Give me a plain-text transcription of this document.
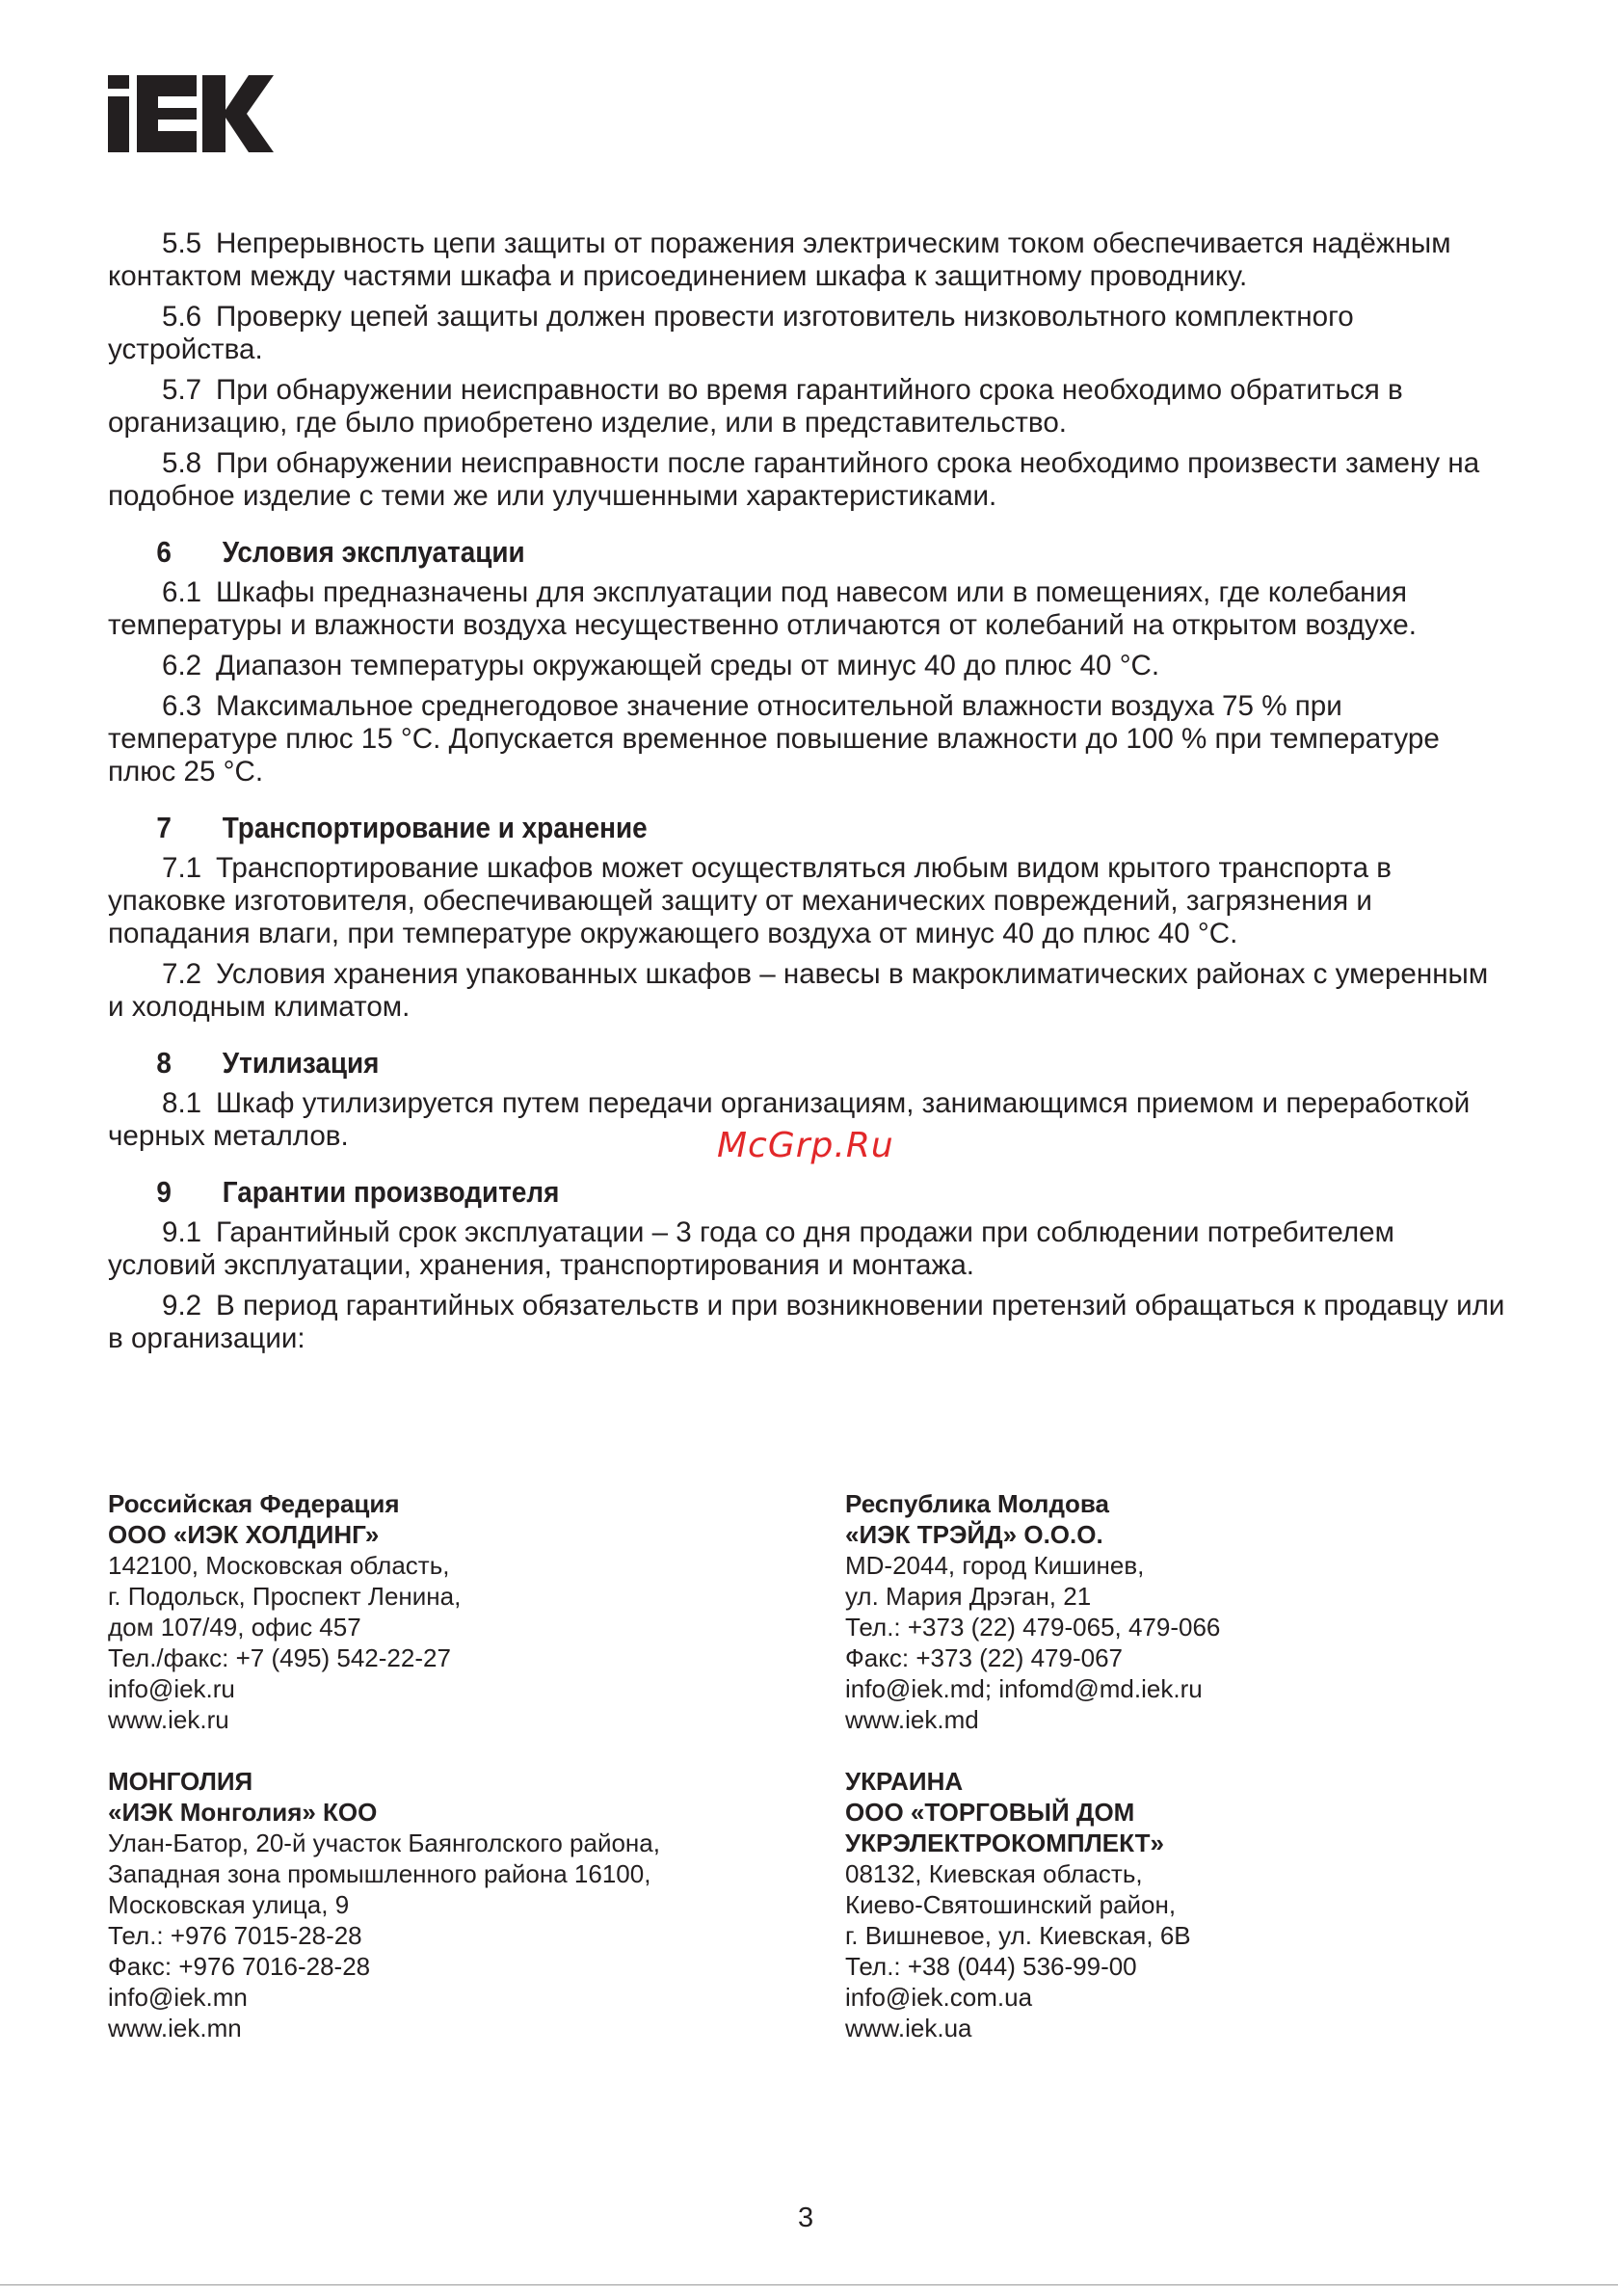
5.5 Непрерывность цепи защиты от поражения электрическим током обеспечивается надёжным контактом между частями шкафа и присоединением шкафа к защитному проводнику.
5.6 Проверку цепей защиты должен провести изготовитель низковольтного комплектного устройства.
5.7 При обнаружении неисправности во время гарантийного срока необходимо обратиться в организацию, где было приобретено изделие, или в представительство.
5.8 При обнаружении неисправности после гарантийного срока необходимо произвести замену на подобное изделие с теми же или улучшенными характеристиками.
6 Условия эксплуатации
6.1 Шкафы предназначены для эксплуатации под навесом или в помещениях, где колебания температуры и влажности воздуха несущественно отличаются от колебаний на открытом воздухе.
6.2 Диапазон температуры окружающей среды от минус 40 до плюс 40 °С.
6.3 Максимальное среднегодовое значение относительной влажности воздуха 75 % при температуре плюс 15 °С. Допускается временное повышение влажности до 100 % при температуре плюс 25 °С.
7 Транспортирование и хранение
7.1 Транспортирование шкафов может осуществляться любым видом крытого транспорта в упаковке изготовителя, обеспечивающей защиту от механических повреждений, загрязнения и попадания влаги, при температуре окружающего воздуха от минус 40 до плюс 40 °С.
7.2 Условия хранения упакованных шкафов – навесы в макроклиматических районах с умеренным и холодным климатом.
8 Утилизация
8.1 Шкаф утилизируется путем передачи организациям, занимающимся приемом и переработкой черных металлов.
9 Гарантии производителя
9.1 Гарантийный срок эксплуатации – 3 года со дня продажи при соблюдении потребителем условий эксплуатации, хранения, транспортирования и монтажа.
9.2 В период гарантийных обязательств и при возникновении претензий обращаться к продавцу или в организации:
McGrp.Ru
Российская Федерация
ООО «ИЭК ХОЛДИНГ»
142100, Московская область,
г. Подольск, Проспект Ленина,
дом 107/49, офис 457
Тел./факс: +7 (495) 542-22-27
info@iek.ru
www.iek.ru
Республика Молдова
«ИЭК ТРЭЙД» О.О.О.
MD-2044, город Кишинев,
ул. Мария Дрэган, 21
Тел.: +373 (22) 479-065, 479-066
Факс: +373 (22) 479-067
info@iek.md; infomd@md.iek.ru
www.iek.md
МОНГОЛИЯ
«ИЭК Монголия» КОО
Улан-Батор, 20-й участок Баянголского района,
Западная зона промышленного района 16100,
Московская улица, 9
Тел.: +976 7015-28-28
Факс: +976 7016-28-28
info@iek.mn
www.iek.mn
УКРАИНА
ООО «ТОРГОВЫЙ ДОМ
УКРЭЛЕКТРОКОМПЛЕКТ»
08132, Киевская область,
Киево-Святошинский район,
г. Вишневое, ул. Киевская, 6В
Тел.: +38 (044) 536-99-00
info@iek.com.ua
www.iek.ua
3
